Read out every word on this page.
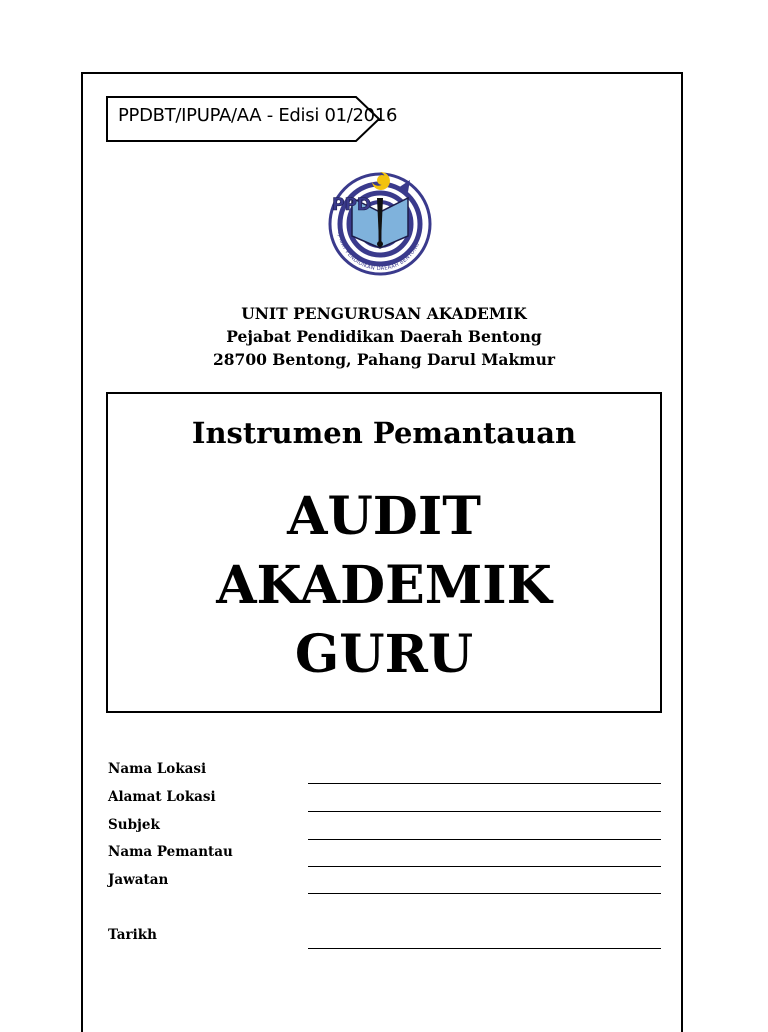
PPDBT/IPUPA/AA - Edisi 01/2016
PPD
PEJABAT PENDIDIKAN DAERAH BENTONG
UNIT PENGURUSAN AKADEMIK
Pejabat Pendidikan Daerah Bentong
28700 Bentong, Pahang Darul Makmur
Instrumen Pemantauan
AUDIT
AKADEMIK
GURU
Nama Lokasi
Alamat Lokasi
Subjek
Nama Pemantau
Jawatan
Tarikh
